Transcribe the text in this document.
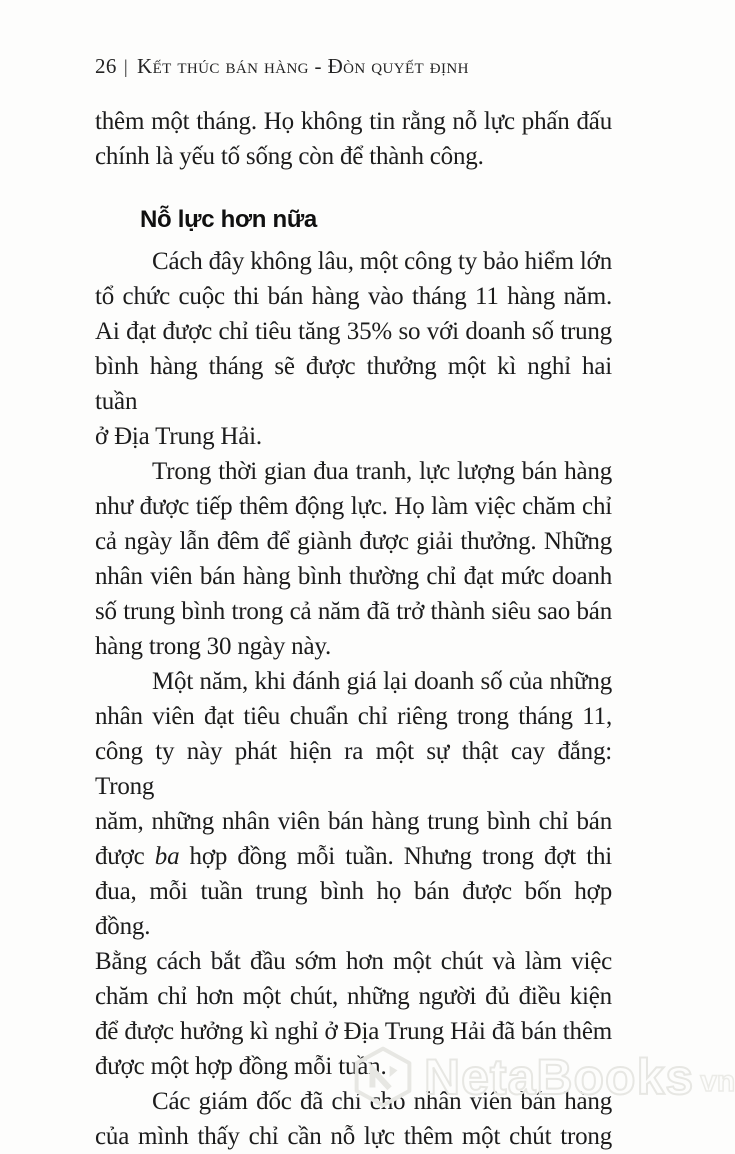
26 | Kết thúc bán hàng - Đòn quyết định
thêm một tháng. Họ không tin rằng nỗ lực phấn đấu
chính là yếu tố sống còn để thành công.
Nỗ lực hơn nữa
Cách đây không lâu, một công ty bảo hiểm lớn
tổ chức cuộc thi bán hàng vào tháng 11 hàng năm.
Ai đạt được chỉ tiêu tăng 35% so với doanh số trung
bình hàng tháng sẽ được thưởng một kì nghỉ hai tuần
ở Địa Trung Hải.
Trong thời gian đua tranh, lực lượng bán hàng
như được tiếp thêm động lực. Họ làm việc chăm chỉ
cả ngày lẫn đêm để giành được giải thưởng. Những
nhân viên bán hàng bình thường chỉ đạt mức doanh
số trung bình trong cả năm đã trở thành siêu sao bán
hàng trong 30 ngày này.
Một năm, khi đánh giá lại doanh số của những
nhân viên đạt tiêu chuẩn chỉ riêng trong tháng 11,
công ty này phát hiện ra một sự thật cay đắng: Trong
năm, những nhân viên bán hàng trung bình chỉ bán
được ba hợp đồng mỗi tuần. Nhưng trong đợt thi
đua, mỗi tuần trung bình họ bán được bốn hợp đồng.
Bằng cách bắt đầu sớm hơn một chút và làm việc
chăm chỉ hơn một chút, những người đủ điều kiện
để được hưởng kì nghỉ ở Địa Trung Hải đã bán thêm
được một hợp đồng mỗi tuần.
Các giám đốc đã chỉ cho nhân viên bán hàng
của mình thấy chỉ cần nỗ lực thêm một chút trong
NetaBooks vn
